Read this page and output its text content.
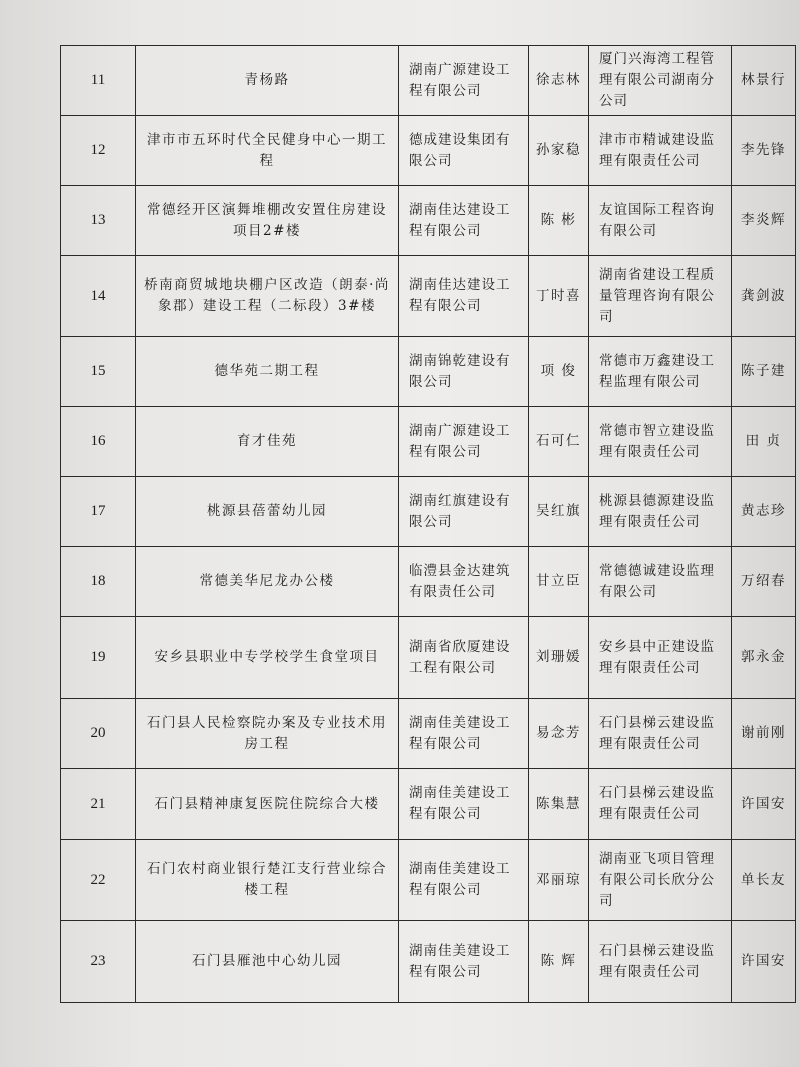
11	青杨路	湖南广源建设工程有限公司	徐志林	厦门兴海湾工程管理有限公司湖南分公司	林景行
12	津市市五环时代全民健身中心一期工程	德成建设集团有限公司	孙家稳	津市市精诚建设监理有限责任公司	李先锋
13	常德经开区演舞堆棚改安置住房建设项目2#楼	湖南佳达建设工程有限公司	陈 彬	友谊国际工程咨询有限公司	李炎辉
14	桥南商贸城地块棚户区改造（朗泰·尚象郡）建设工程（二标段）3#楼	湖南佳达建设工程有限公司	丁时喜	湖南省建设工程质量管理咨询有限公司	龚剑波
15	德华苑二期工程	湖南锦乾建设有限公司	项 俊	常德市万鑫建设工程监理有限公司	陈子建
16	育才佳苑	湖南广源建设工程有限公司	石可仁	常德市智立建设监理有限责任公司	田 贞
17	桃源县蓓蕾幼儿园	湖南红旗建设有限公司	吴红旗	桃源县德源建设监理有限责任公司	黄志珍
18	常德美华尼龙办公楼	临澧县金达建筑有限责任公司	甘立臣	常德德诚建设监理有限公司	万绍春
19	安乡县职业中专学校学生食堂项目	湖南省欣厦建设工程有限公司	刘珊媛	安乡县中正建设监理有限责任公司	郭永金
20	石门县人民检察院办案及专业技术用房工程	湖南佳美建设工程有限公司	易念芳	石门县梯云建设监理有限责任公司	谢前刚
21	石门县精神康复医院住院综合大楼	湖南佳美建设工程有限公司	陈集慧	石门县梯云建设监理有限责任公司	许国安
22	石门农村商业银行楚江支行营业综合楼工程	湖南佳美建设工程有限公司	邓丽琼	湖南亚飞项目管理有限公司长欣分公司	单长友
23	石门县雁池中心幼儿园	湖南佳美建设工程有限公司	陈 辉	石门县梯云建设监理有限责任公司	许国安
